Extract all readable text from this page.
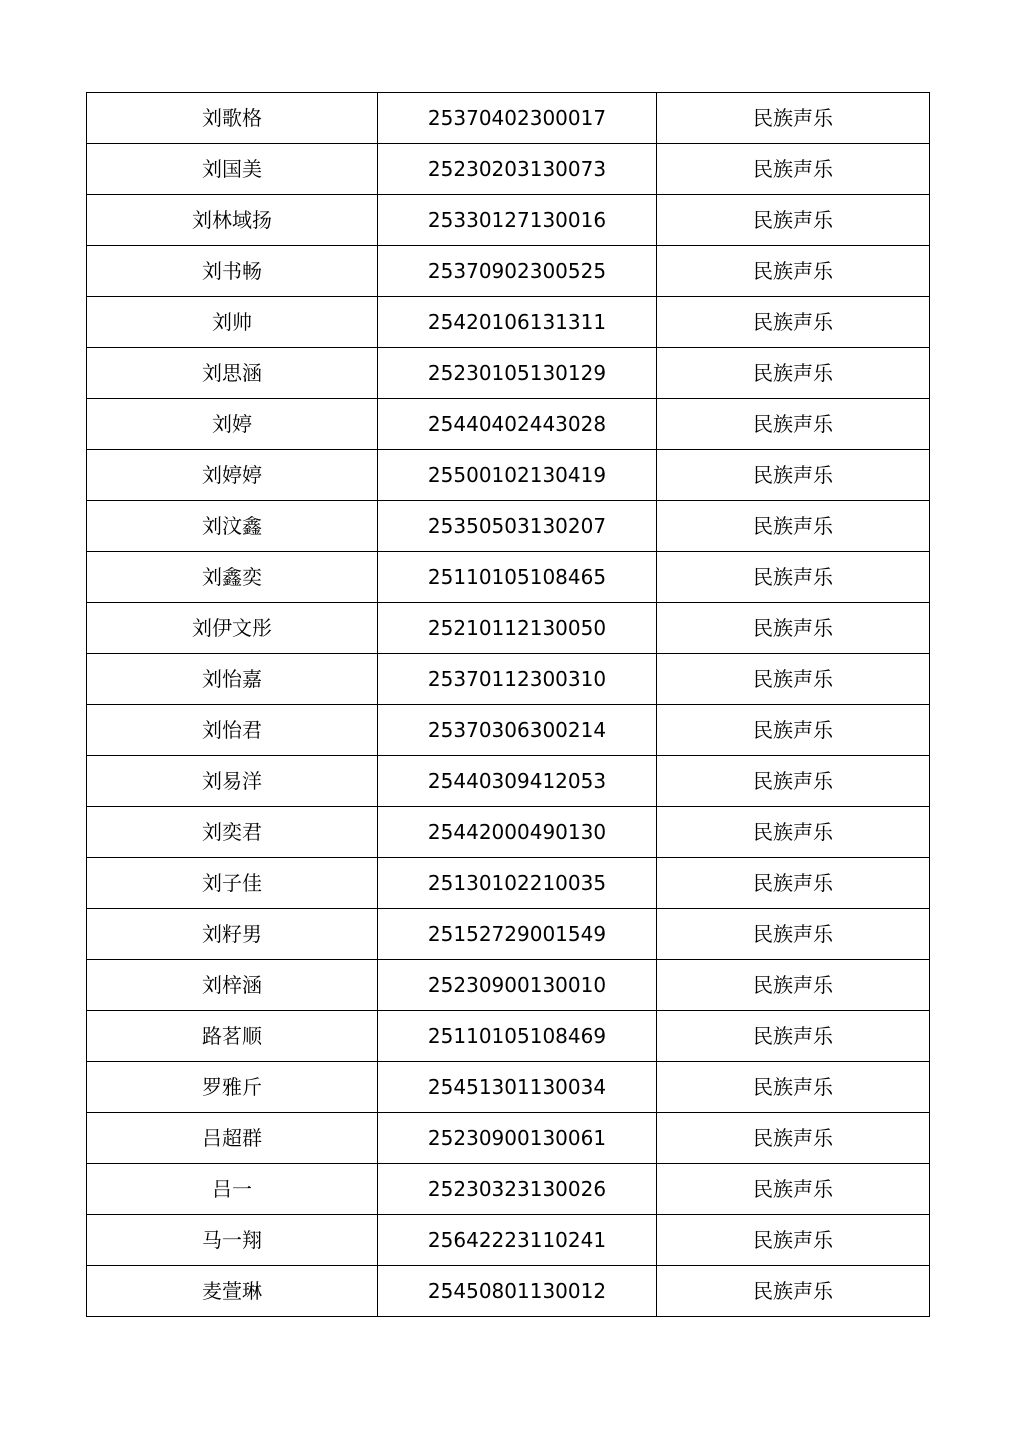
刘歌格	25370402300017	民族声乐
刘国美	25230203130073	民族声乐
刘林域扬	25330127130016	民族声乐
刘书畅	25370902300525	民族声乐
刘帅	25420106131311	民族声乐
刘思涵	25230105130129	民族声乐
刘婷	25440402443028	民族声乐
刘婷婷	25500102130419	民族声乐
刘汶鑫	25350503130207	民族声乐
刘鑫奕	25110105108465	民族声乐
刘伊文彤	25210112130050	民族声乐
刘怡嘉	25370112300310	民族声乐
刘怡君	25370306300214	民族声乐
刘易洋	25440309412053	民族声乐
刘奕君	25442000490130	民族声乐
刘子佳	25130102210035	民族声乐
刘籽男	25152729001549	民族声乐
刘梓涵	25230900130010	民族声乐
路茗顺	25110105108469	民族声乐
罗雅斤	25451301130034	民族声乐
吕超群	25230900130061	民族声乐
吕一	25230323130026	民族声乐
马一翔	25642223110241	民族声乐
麦萱琳	25450801130012	民族声乐
